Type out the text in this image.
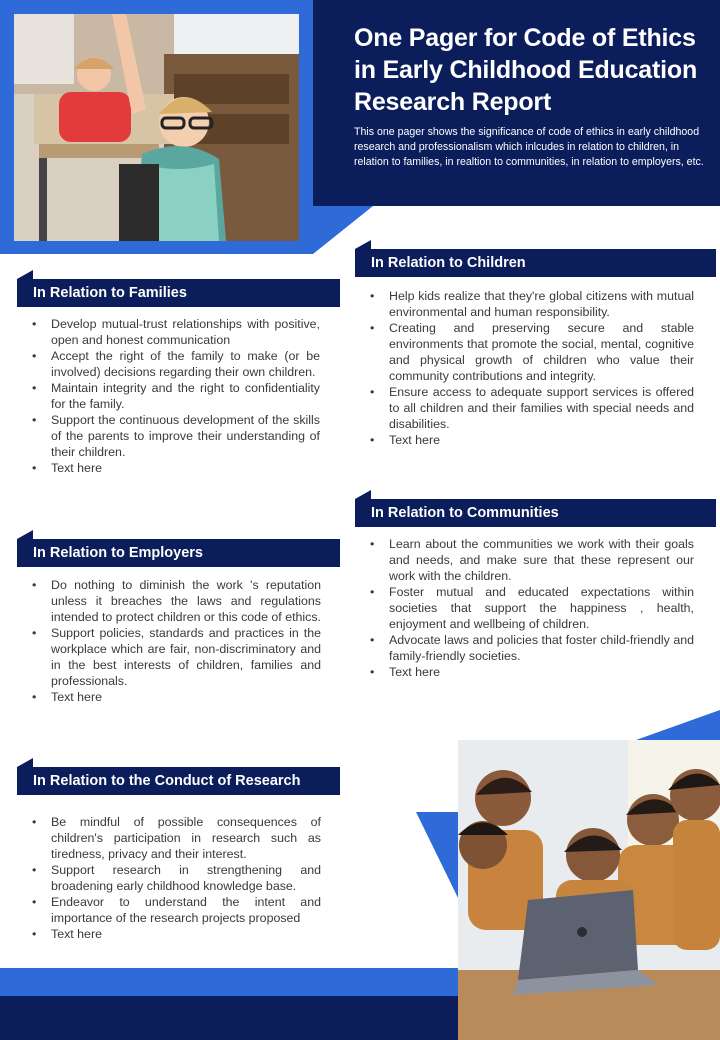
One Pager for Code of Ethics in Early Childhood Education Research Report

This one pager shows the significance of code of ethics in early childhood research and professionalism which inlcudes in relation to children, in relation to families, in realtion to communities, in relation to employers, etc.

In Relation to Families
• Develop mutual-trust relationships with positive, open and honest communication
• Accept the right of the family to make (or be involved) decisions regarding their own children.
• Maintain integrity and the right to confidentiality for the family.
• Support the continuous development of the skills of the parents to improve their understanding of their children.
• Text here
In Relation to Children
• Help kids realize that they're global citizens with mutual environmental and human responsibility.
• Creating and preserving secure and stable environments that promote the social, mental, cognitive and physical growth of children who value their community contributions and integrity.
• Ensure access to adequate support services is offered to all children and their families with special needs and disabilities.
• Text here
In Relation to Employers
• Do nothing to diminish the work 's reputation unless it breaches the laws and regulations intended to protect children or this code of ethics.
• Support policies, standards and practices in the workplace which are fair, non-discriminatory and in the best interests of children, families and professionals.
• Text here
In Relation to Communities
• Learn about the communities we work with their goals and needs, and make sure that these represent our work with the children.
• Foster mutual and educated expectations within societies that support the happiness , health, enjoyment and wellbeing of children.
• Advocate laws and policies that foster child-friendly and family-friendly societies.
• Text here
In Relation to the Conduct of Research
• Be mindful of possible consequences of children's participation in research such as tiredness, privacy and their interest.
• Support research in strengthening and broadening early childhood knowledge base.
• Endeavor to understand the intent and importance of the research projects proposed
• Text here
